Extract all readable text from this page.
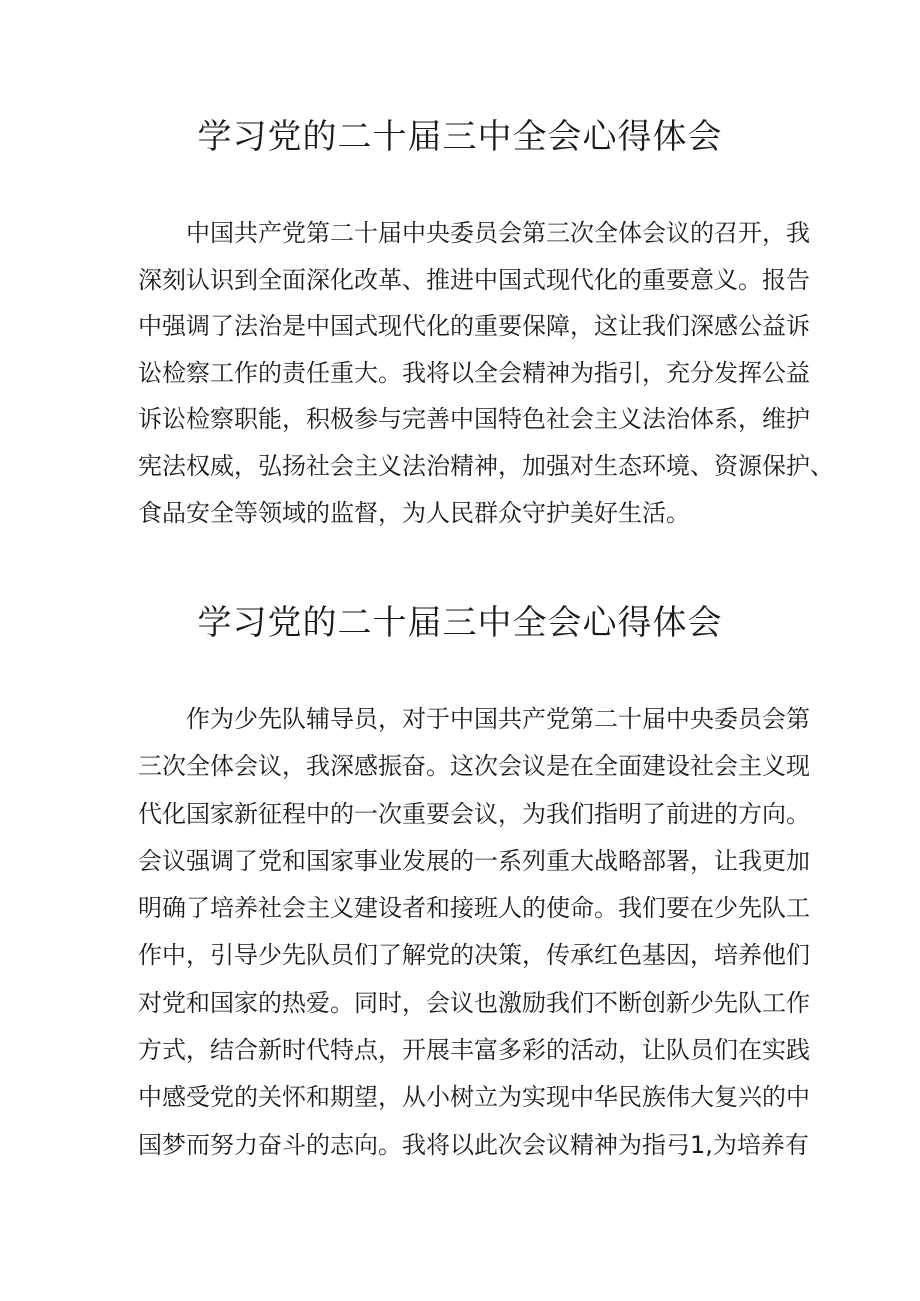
学习党的二十届三中全会心得体会
　　中国共产党第二十届中央委员会第三次全体会议的召开，我
深刻认识到全面深化改革、推进中国式现代化的重要意义。报告
中强调了法治是中国式现代化的重要保障，这让我们深感公益诉
讼检察工作的责任重大。我将以全会精神为指引，充分发挥公益
诉讼检察职能，积极参与完善中国特色社会主义法治体系，维护
宪法权威，弘扬社会主义法治精神，加强对生态环境、资源保护、
食品安全等领域的监督，为人民群众守护美好生活。
学习党的二十届三中全会心得体会
　　作为少先队辅导员，对于中国共产党第二十届中央委员会第
三次全体会议，我深感振奋。这次会议是在全面建设社会主义现
代化国家新征程中的一次重要会议，为我们指明了前进的方向。
会议强调了党和国家事业发展的一系列重大战略部署，让我更加
明确了培养社会主义建设者和接班人的使命。我们要在少先队工
作中，引导少先队员们了解党的决策，传承红色基因，培养他们
对党和国家的热爱。同时，会议也激励我们不断创新少先队工作
方式，结合新时代特点，开展丰富多彩的活动，让队员们在实践
中感受党的关怀和期望，从小树立为实现中华民族伟大复兴的中
国梦而努力奋斗的志向。我将以此次会议精神为指弓1,为培养有
